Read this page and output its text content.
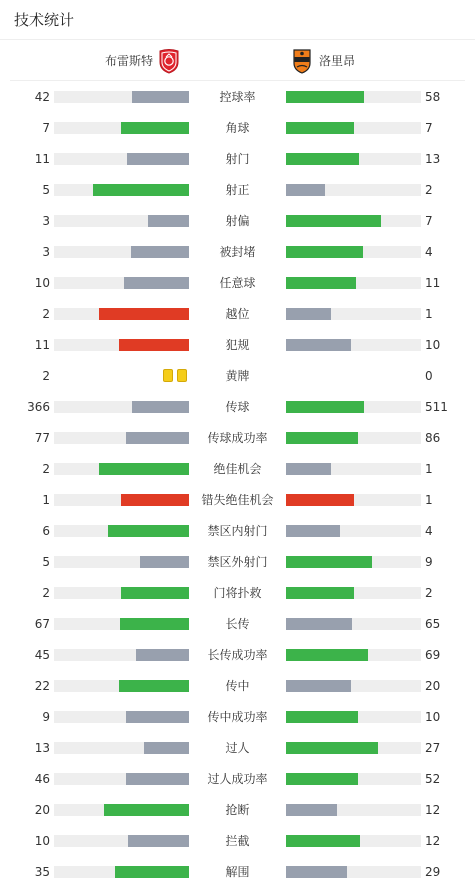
技术统计
布雷斯特	洛里昂
42	控球率	58
7	角球	7
11	射门	13
5	射正	2
3	射偏	7
3	被封堵	4
10	任意球	11
2	越位	1
11	犯规	10
2	黄牌	0
366	传球	511
77	传球成功率	86
2	绝佳机会	1
1	错失绝佳机会	1
6	禁区内射门	4
5	禁区外射门	9
2	门将扑救	2
67	长传	65
45	长传成功率	69
22	传中	20
9	传中成功率	10
13	过人	27
46	过人成功率	52
20	抢断	12
10	拦截	12
35	解围	29
